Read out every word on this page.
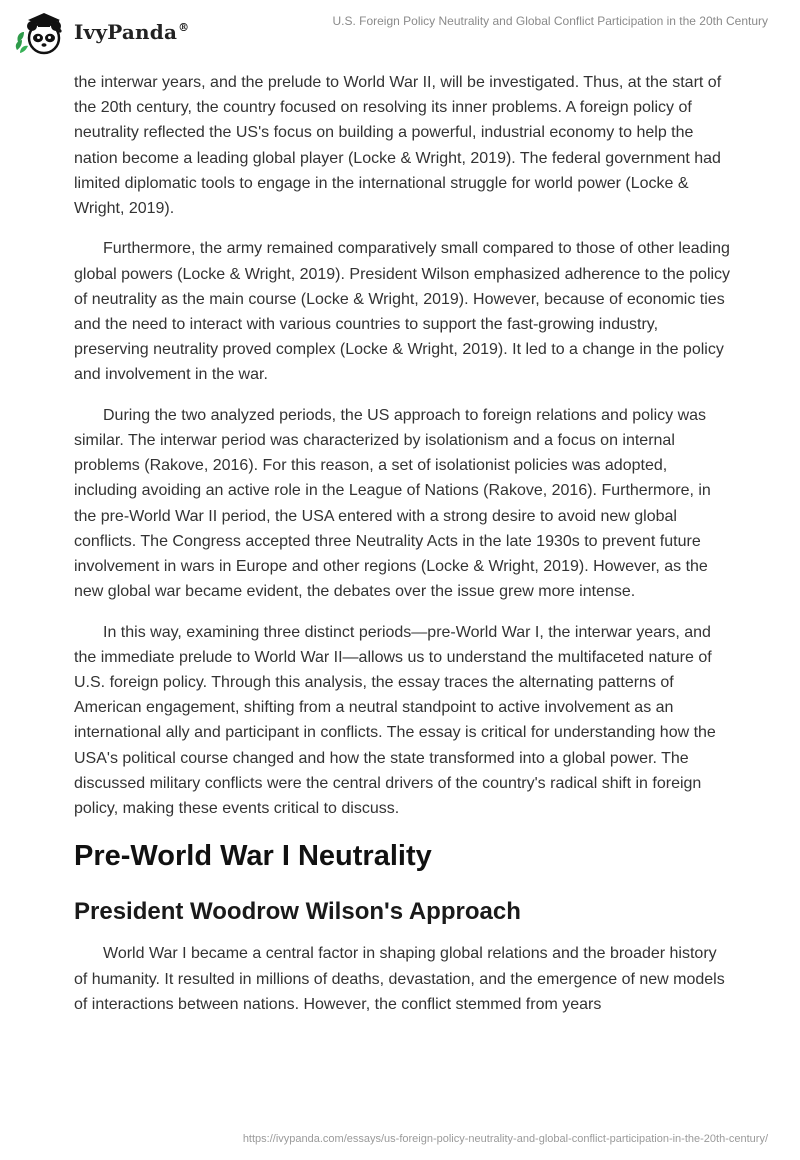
IvyPanda®	U.S. Foreign Policy Neutrality and Global Conflict Participation in the 20th Century

the interwar years, and the prelude to World War II, will be investigated. Thus, at the start of the 20th century, the country focused on resolving its inner problems. A foreign policy of neutrality reflected the US's focus on building a powerful, industrial economy to help the nation become a leading global player (Locke & Wright, 2019). The federal government had limited diplomatic tools to engage in the international struggle for world power (Locke & Wright, 2019).

Furthermore, the army remained comparatively small compared to those of other leading global powers (Locke & Wright, 2019). President Wilson emphasized adherence to the policy of neutrality as the main course (Locke & Wright, 2019). However, because of economic ties and the need to interact with various countries to support the fast-growing industry, preserving neutrality proved complex (Locke & Wright, 2019). It led to a change in the policy and involvement in the war.

During the two analyzed periods, the US approach to foreign relations and policy was similar. The interwar period was characterized by isolationism and a focus on internal problems (Rakove, 2016). For this reason, a set of isolationist policies was adopted, including avoiding an active role in the League of Nations (Rakove, 2016). Furthermore, in the pre-World War II period, the USA entered with a strong desire to avoid new global conflicts. The Congress accepted three Neutrality Acts in the late 1930s to prevent future involvement in wars in Europe and other regions (Locke & Wright, 2019). However, as the new global war became evident, the debates over the issue grew more intense.

In this way, examining three distinct periods—pre-World War I, the interwar years, and the immediate prelude to World War II—allows us to understand the multifaceted nature of U.S. foreign policy. Through this analysis, the essay traces the alternating patterns of American engagement, shifting from a neutral standpoint to active involvement as an international ally and participant in conflicts. The essay is critical for understanding how the USA's political course changed and how the state transformed into a global power. The discussed military conflicts were the central drivers of the country's radical shift in foreign policy, making these events critical to discuss.

Pre-World War I Neutrality
President Woodrow Wilson's Approach

World War I became a central factor in shaping global relations and the broader history of humanity. It resulted in millions of deaths, devastation, and the emergence of new models of interactions between nations. However, the conflict stemmed from years

https://ivypanda.com/essays/us-foreign-policy-neutrality-and-global-conflict-participation-in-the-20th-century/
